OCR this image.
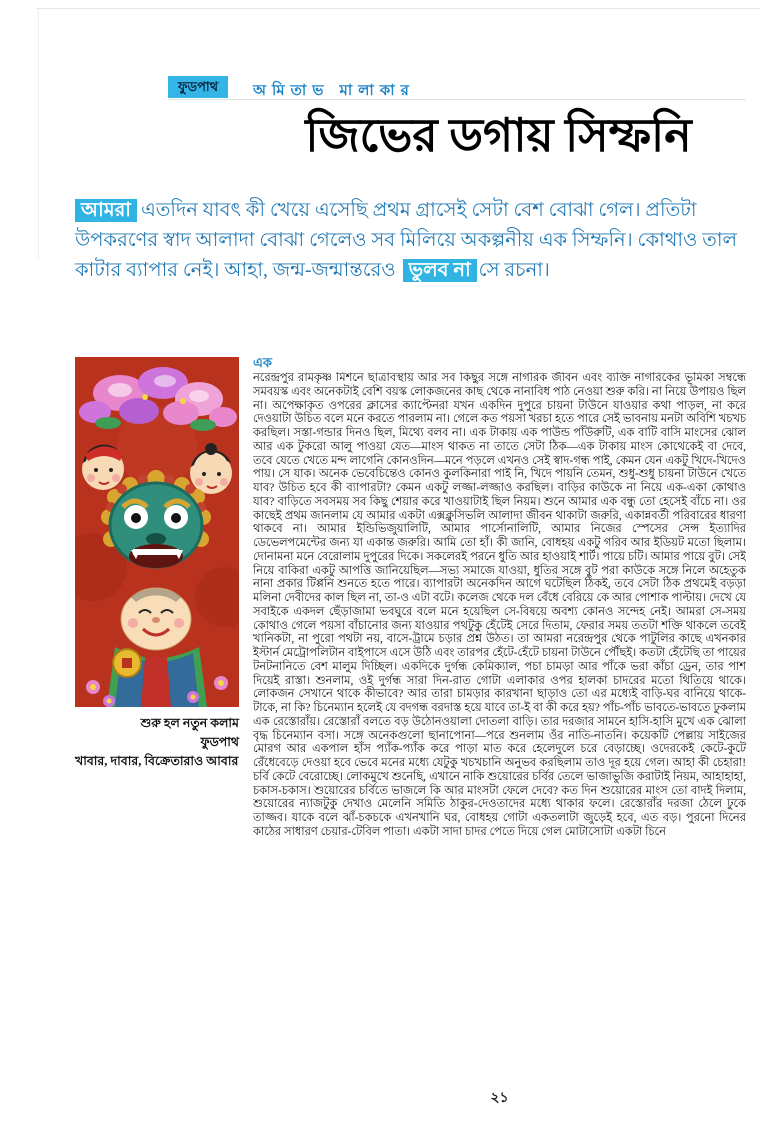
ফুডপাথ	অমিতাভ মালাকার
জিভের ডগায় সিম্ফনি
আমরা এতদিন যাবৎ কী খেয়ে এসেছি প্রথম গ্রাসেই সেটা বেশ বোঝা গেল। প্রতিটা উপকরণের স্বাদ আলাদা বোঝা গেলেও সব মিলিয়ে অকল্পনীয় এক সিম্ফনি। কোথাও তাল কাটার ব্যাপার নেই। আহা, জন্ম-জন্মান্তরেও ভুলব না সে রচনা।
শুরু হল নতুন কলাম
ফুডপাথ
খাবার, দাবার, বিক্রেতারাও আবার
এক
নরেন্দ্রপুর রামকৃষ্ণ মিশনে ছাত্রাবস্থায় আর সব কিছুর সঙ্গে নাগরিক জীবন এবং ব্যক্তি নাগরিকের ভূমিকা সম্বন্ধে সমবয়স্ক এবং অনেকটাই বেশি বয়স্ক লোকজনের কাছ থেকে নানাবিধ পাঠ নেওয়া শুরু করি। না নিয়ে উপায়ও ছিল না। অপেক্ষাকৃত ওপরের ক্লাসের ক্যাপ্টেনরা যখন একদিন দুপুরে চায়না টাউনে যাওয়ার কথা পাড়ল, না করে দেওয়াটা উচিত বলে মনে করতে পারলাম না। গেলে কত পয়সা খরচা হতে পারে সেই ভাবনায় মনটা অবিশি খচখচ করছিল। সস্তা-গন্ডার দিনও ছিল, মিথ্যে বলব না। এক টাকায় এক পাউন্ড পাঁউরুটি, এক বাটি বাসি মাংসের ঝোল আর এক টুকরো আলু পাওয়া যেত—মাংস থাকত না তাতে সেটা ঠিক—এক টাকায় মাংস কোথেকেই বা দেবে, তবে যেতে খেতে মন্দ লাগেনি কোনওদিন—মনে পড়লে এখনও সেই স্বাদ-গন্ধ পাই, কেমন যেন একটু খিদে-খিদেও পায়। সে যাক। অনেক ভেবেচিন্তেও কোনও কুলকিনারা পাই নি, খিদে পায়নি তেমন, শুধু-শুধু চায়না টাউনে খেতে যাব? উচিত হবে কী ব্যাপারটা? কেমন একটু লজ্জা-লজ্জাও করছিল। বাড়ির কাউকে না নিয়ে এক-একা কোথাও যাব? বাড়িতে সবসময় সব কিছু শেয়ার করে খাওয়াটাই ছিল নিয়ম। শুনে আমার এক বন্ধু তো হেসেই বাঁচে না। ওর কাছেই প্রথম জানলাম যে আমার একটা এক্সক্লুসিভলি আলাদা জীবন থাকাটা জরুরি, একান্নবর্তী পরিবারের ধারণা থাকবে না। আমার ইন্ডিভিজুয়ালিটি, আমার পার্সোনালিটি, আমার নিজের স্পেসের সেন্স ইত্যাদির ডেভেলপমেন্টের জন্য যা একান্ত জরুরি। আমি তো হাঁ। কী জানি, বোধহয় একটু গরিব আর ইডিয়ট মতো ছিলাম। দোনামনা মনে বেরোলাম দুপুরের দিকে। সকলেরই পরনে ধুতি আর হাওয়াই শার্ট। পায়ে চটি। আমার পায়ে বুট। সেই নিয়ে বাকিরা একটু আপত্তি জানিয়েছিল—সভ্য সমাজে যাওয়া, ধুতির সঙ্গে বুট পরা কাউকে সঙ্গে নিলে অহেতুক নানা প্রকার টিপ্পনি শুনতে হতে পারে। ব্যাপারটা অনেকদিন আগে ঘটেছিল ঠিকই, তবে সেটা ঠিক প্রথমেই বড়ড়া মলিনা দেবীদের কাল ছিল না, তা-ও এটা বটে। কলেজ থেকে দল বেঁধে বেরিয়ে কে আর পোশাক পাল্টায়। দেখে যে সবাইকে একদল ছেঁড়াজামা ভবঘুরে বলে মনে হয়েছিল সে-বিষয়ে অবশ্য কোনও সন্দেহ নেই। আমরা সে-সময় কোথাও গেলে পয়সা বাঁচানোর জন্য যাওয়ার পথটুকু হেঁটেই সেরে দিতাম, ফেরার সময় ততটা শক্তি থাকলে তবেই খানিকটা, না পুরো পথটা নয়, বাসে-ট্রামে চড়ার প্রশ্ন উঠত। তা আমরা নরেন্দ্রপুর থেকে পাটুলির কাছে এখনকার ইস্টার্ন মেট্রোপলিটান বাইপাসে এসে উঠি এবং তারপর হেঁটে-হেঁটে চায়না টাউনে পৌঁছই। কতটা হেঁটেছি তা পায়ের টনটনানিতে বেশ মালুম দিচ্ছিল। একদিকে দুর্গন্ধ কেমিক্যাল, পচা চামড়া আর পাঁকে ভরা কাঁচা ড্রেন, তার পাশ দিয়েই রাস্তা। শুনলাম, ওই দুর্গন্ধ সারা দিন-রাত গোটা এলাকার ওপর হালকা চাদরের মতো থিতিয়ে থাকে। লোকজন সেখানে থাকে কীভাবে? আর তারা চামড়ার কারখানা ছাড়াও তো এর মধ্যেই বাড়ি-ঘর বানিয়ে থাকে-টাকে, না কি? চিনেম্যান হলেই যে বদগন্ধ বরদাস্ত হয়ে যাবে তা-ই বা কী করে হয়? পাঁচ-পাঁচ ভাবতে-ভাবতে ঢুকলাম এক রেস্তোরাঁয়। রেস্তোরাঁ বলতে বড় উঠোনওয়ালা দোতলা বাড়ি। তার দরজার সামনে হাসি-হাসি মুখে এক ঝোলা বৃদ্ধ চিনেম্যান বসা। সঙ্গে অনেকগুলো ছানাপোনা—পরে শুনলাম ওঁর নাতি-নাতনি। কয়েকটি পেল্লায় সাইজের মোরগ আর একপাল হাঁস প্যাঁক-প্যাঁক করে পাড়া মাত করে হেলেদুলে চরে বেড়াচ্ছে। ওদেরকেই কেটে-কুটে রেঁধেবেড়ে দেওয়া হবে ভেবে মনের মধ্যে যেটুকু খচখচানি অনুভব করছিলাম তাও দূর হয়ে গেল। আহা কী চেহারা! চর্বি কেটে বেরোচ্ছে। লোকমুখে শুনেছি, এখানে নাকি শুয়োরের চর্বির তেলে ভাজাভুজি করাটাই নিয়ম, আহাহাহা, চকাস-চকাস। শুয়োরের চর্বিতে ভাজলে কি আর মাংসটা ফেলে দেবে? কত দিন শুয়োরের মাংস তো বাদই দিলাম, শুয়োরের ন্যাজটুকু দেখাও মেলেনি সমিতি ঠাকুর-দেওতাদের মধ্যে থাকার ফলে। রেস্তোরাঁর দরজা ঠেলে ঢুকে তাজ্জব। যাকে বলে ঝাঁ-চকচকে এখনখানি ঘর, বোধহয় গোটা একতলাটা জুড়েই হবে, এত বড়। পুরনো দিনের কাঠের সাধারণ চেয়ার-টেবিল পাতা। একটা সাদা চাদর পেতে দিয়ে গেল মোটাসোটা একটা চিনে
২১
